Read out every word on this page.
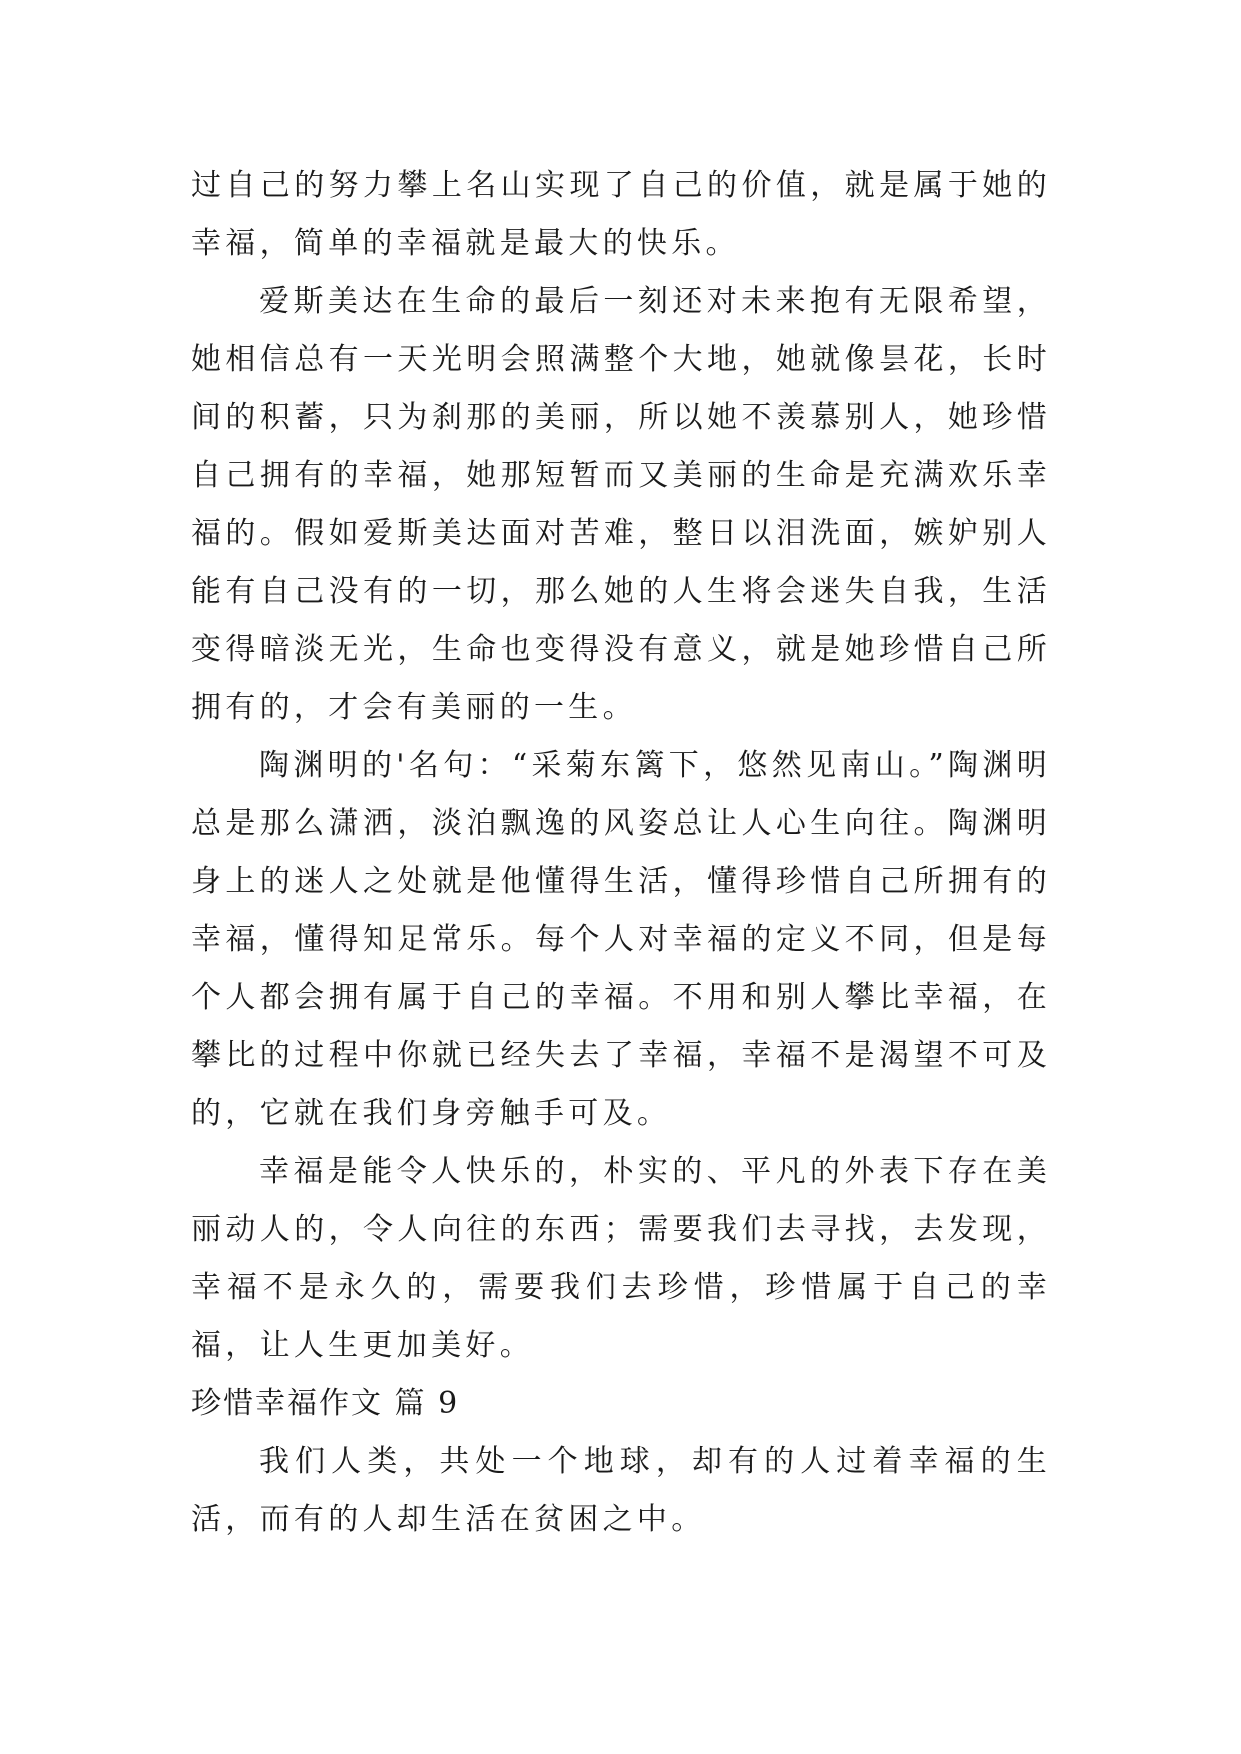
过自己的努力攀上名山实现了自己的价值，就是属于她的幸福，简单的幸福就是最大的快乐。

爱斯美达在生命的最后一刻还对未来抱有无限希望，她相信总有一天光明会照满整个大地，她就像昙花，长时间的积蓄，只为刹那的美丽，所以她不羡慕别人，她珍惜自己拥有的幸福，她那短暂而又美丽的生命是充满欢乐幸福的。假如爱斯美达面对苦难，整日以泪洗面，嫉妒别人能有自己没有的一切，那么她的人生将会迷失自我，生活变得暗淡无光，生命也变得没有意义，就是她珍惜自己所拥有的，才会有美丽的一生。

陶渊明的'名句：“采菊东篱下，悠然见南山。”陶渊明总是那么潇洒，淡泊飘逸的风姿总让人心生向往。陶渊明身上的迷人之处就是他懂得生活，懂得珍惜自己所拥有的幸福，懂得知足常乐。每个人对幸福的定义不同，但是每个人都会拥有属于自己的幸福。不用和别人攀比幸福，在攀比的过程中你就已经失去了幸福，幸福不是渴望不可及的，它就在我们身旁触手可及。

幸福是能令人快乐的，朴实的、平凡的外表下存在美丽动人的，令人向往的东西；需要我们去寻找，去发现，幸福不是永久的，需要我们去珍惜，珍惜属于自己的幸福，让人生更加美好。

珍惜幸福作文 篇 9

我们人类，共处一个地球，却有的人过着幸福的生活，而有的人却生活在贫困之中。
